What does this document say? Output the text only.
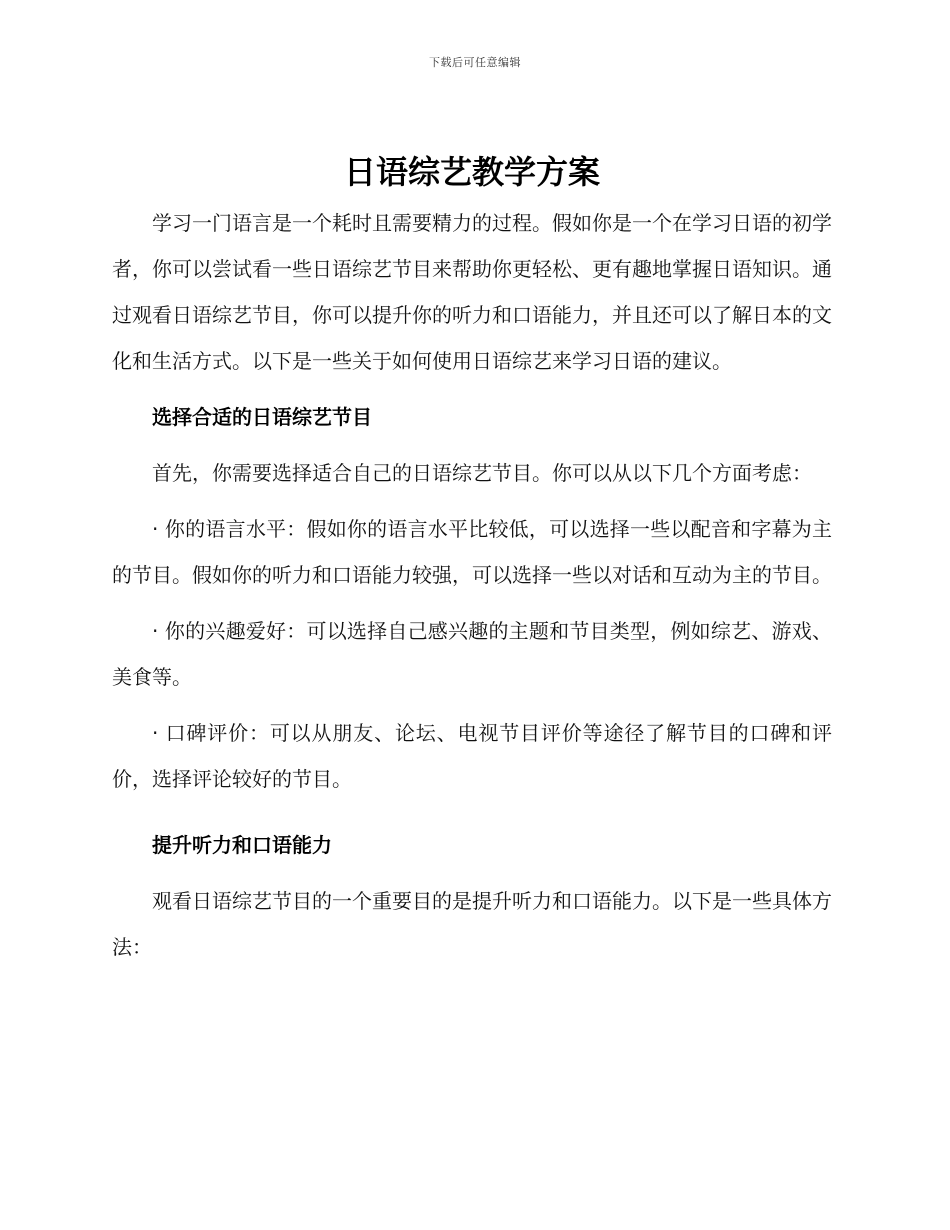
下载后可任意编辑
日语综艺教学方案

学习一门语言是一个耗时且需要精力的过程。假如你是一个在学习日语的初学者，你可以尝试看一些日语综艺节目来帮助你更轻松、更有趣地掌握日语知识。通过观看日语综艺节目，你可以提升你的听力和口语能力，并且还可以了解日本的文化和生活方式。以下是一些关于如何使用日语综艺来学习日语的建议。

选择合适的日语综艺节目

首先，你需要选择适合自己的日语综艺节目。你可以从以下几个方面考虑：

· 你的语言水平：假如你的语言水平比较低，可以选择一些以配音和字幕为主的节目。假如你的听力和口语能力较强，可以选择一些以对话和互动为主的节目。

· 你的兴趣爱好：可以选择自己感兴趣的主题和节目类型，例如综艺、游戏、美食等。

· 口碑评价：可以从朋友、论坛、电视节目评价等途径了解节目的口碑和评价，选择评论较好的节目。

提升听力和口语能力

观看日语综艺节目的一个重要目的是提升听力和口语能力。以下是一些具体方法：
